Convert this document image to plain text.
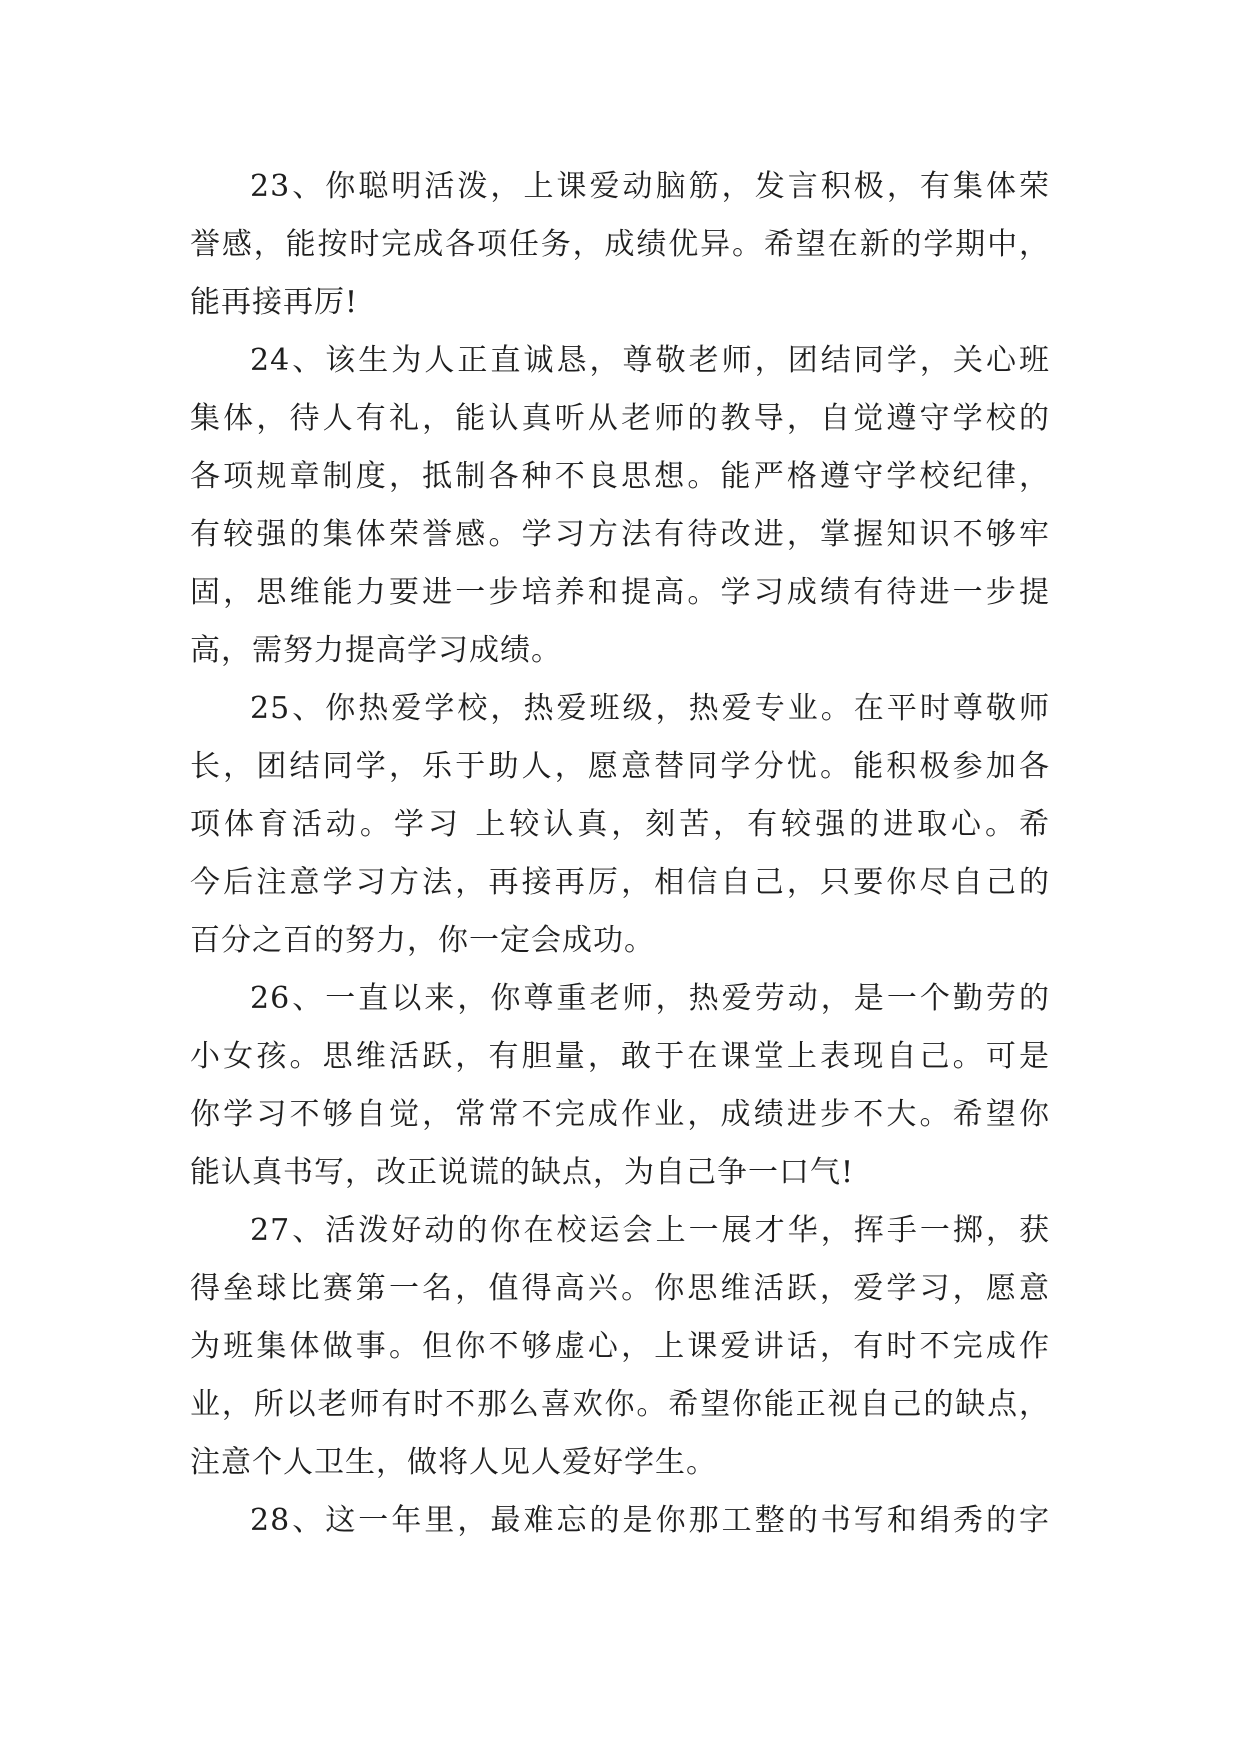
23、你聪明活泼，上课爱动脑筋，发言积极，有集体荣
誉感，能按时完成各项任务，成绩优异。希望在新的学期中，
能再接再厉!
24、该生为人正直诚恳，尊敬老师，团结同学，关心班
集体，待人有礼，能认真听从老师的教导，自觉遵守学校的
各项规章制度，抵制各种不良思想。能严格遵守学校纪律，
有较强的集体荣誉感。学习方法有待改进，掌握知识不够牢
固，思维能力要进一步培养和提高。学习成绩有待进一步提
高，需努力提高学习成绩。
25、你热爱学校，热爱班级，热爱专业。在平时尊敬师
长，团结同学，乐于助人，愿意替同学分忧。能积极参加各
项体育活动。学习 上较认真，刻苦，有较强的进取心。希
今后注意学习方法，再接再厉，相信自己，只要你尽自己的
百分之百的努力，你一定会成功。
26、一直以来，你尊重老师，热爱劳动，是一个勤劳的
小女孩。思维活跃，有胆量，敢于在课堂上表现自己。可是
你学习不够自觉，常常不完成作业，成绩进步不大。希望你
能认真书写，改正说谎的缺点，为自己争一口气!
27、活泼好动的你在校运会上一展才华，挥手一掷，获
得垒球比赛第一名，值得高兴。你思维活跃，爱学习，愿意
为班集体做事。但你不够虚心，上课爱讲话，有时不完成作
业，所以老师有时不那么喜欢你。希望你能正视自己的缺点，
注意个人卫生，做将人见人爱好学生。
28、这一年里，最难忘的是你那工整的书写和绢秀的字
